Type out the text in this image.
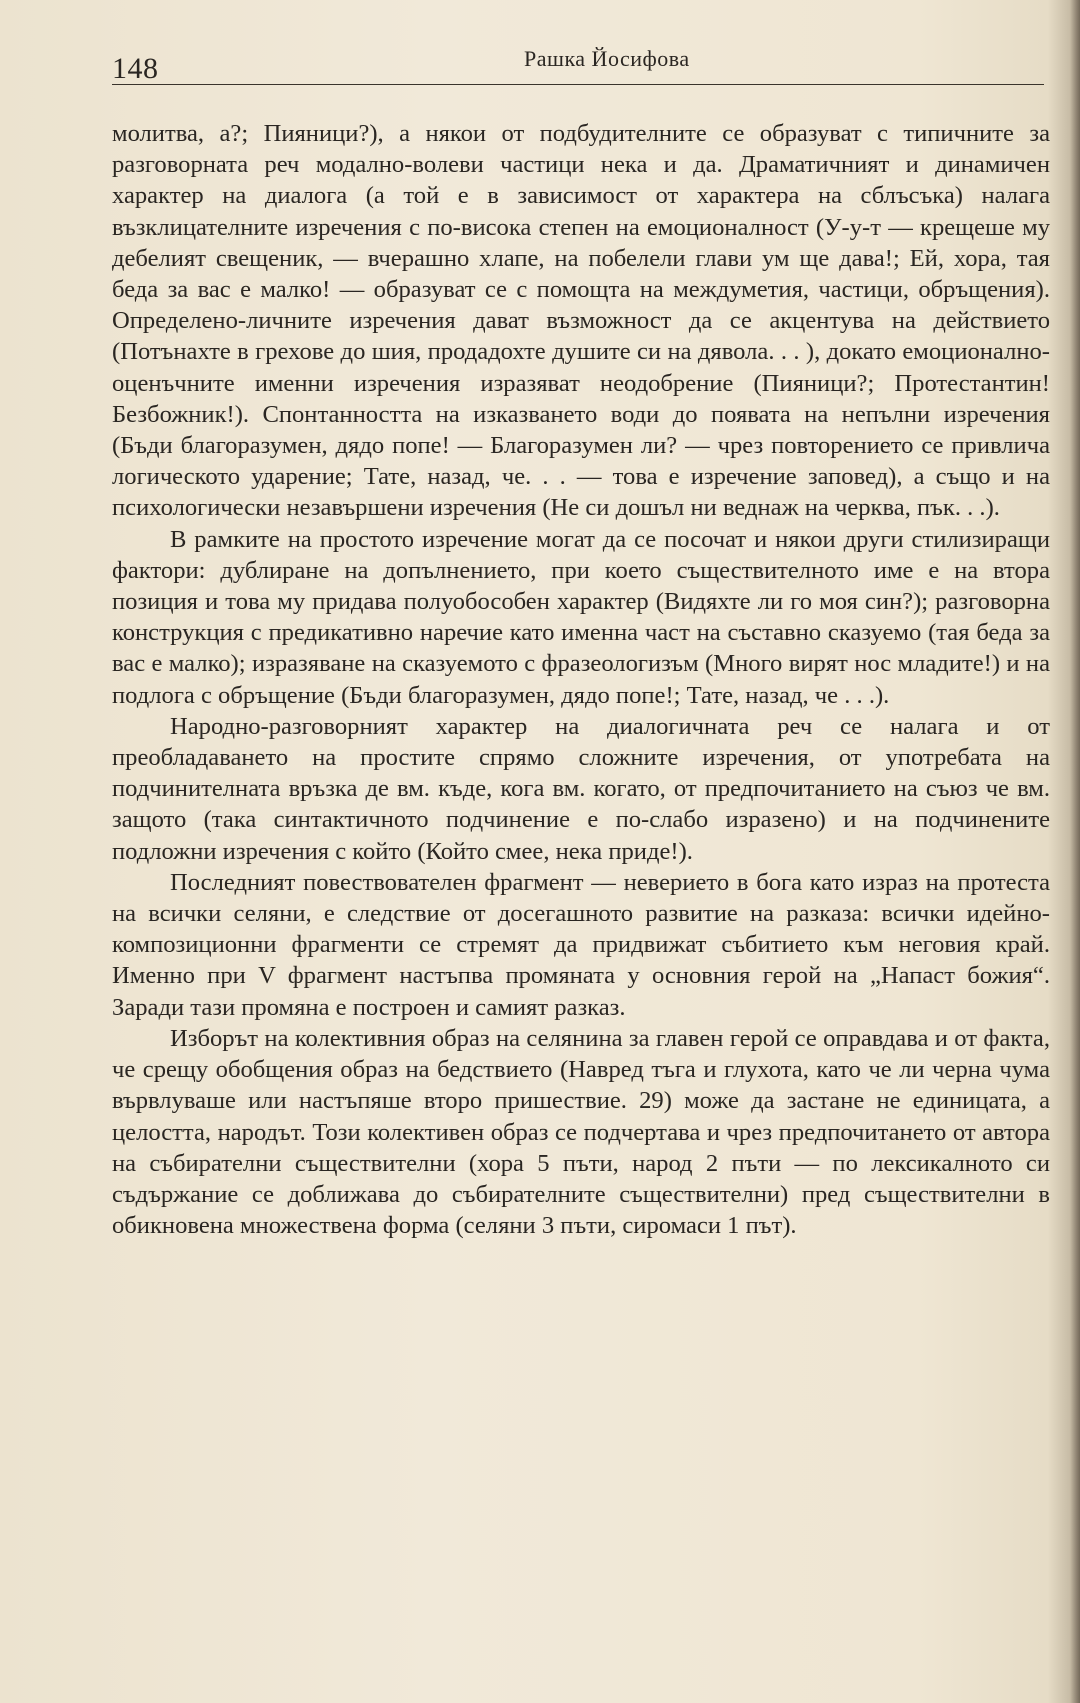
148	Рашка Йосифова

молитва, а?; Пияници?), а някои от подбудителните се образуват с типичните за разговорната реч модално-волеви частици нека и да. Драматичният и динамичен характер на диалога (а той е в зависимост от характера на сблъсъка) налага възклицателните изречения с по-висока степен на емоционалност (У-у-т — крещеше му дебелият свещеник, — вчерашно хлапе, на побелели глави ум ще дава!; Ей, хора, тая беда за вас е малко! — образуват се с помощта на междуметия, частици, обръщения). Определено-личните изречения дават възможност да се акцентува на действието (Потънахте в грехове до шия, продадохте душите си на дявола. . . ), докато емоционално-оценъчните именни изречения изразяват неодобрение (Пияници?; Протестантин! Безбожник!). Спонтанността на изказването води до появата на непълни изречения (Бъди благоразумен, дядо попе! — Благоразумен ли? — чрез повторението се привлича логическото ударение; Тате, назад, че. . . — това е изречение заповед), а също и на психологически незавършени изречения (Не си дошъл ни веднаж на черква, пък. . .).

В рамките на простото изречение могат да се посочат и някои други стилизиращи фактори: дублиране на допълнението, при което съществителното име е на втора позиция и това му придава полуобособен характер (Видяхте ли го моя син?); разговорна конструкция с предикативно наречие като именна част на съставно сказуемо (тая беда за вас е малко); изразяване на сказуемото с фразеологизъм (Много вирят нос младите!) и на подлога с обръщение (Бъди благоразумен, дядо попе!; Тате, назад, че . . .).

Народно-разговорният характер на диалогичната реч се налага и от преобладаването на простите спрямо сложните изречения, от употребата на подчинителната връзка де вм. къде, кога вм. когато, от предпочитанието на съюз че вм. защото (така синтактичното подчинение е по-слабо изразено) и на подчинените подложни изречения с който (Който смее, нека приде!).

Последният повествователен фрагмент — неверието в бога като израз на протеста на всички селяни, е следствие от досегашното развитие на разказа: всички идейно-композиционни фрагменти се стремят да придвижат събитието към неговия край. Именно при V фрагмент настъпва промяната у основния герой на „Напаст божия“. Заради тази промяна е построен и самият разказ.

Изборът на колективния образ на селянина за главен герой се оправдава и от факта, че срещу обобщения образ на бедствието (Навред тъга и глухота, като че ли черна чума вървлуваше или настъпяше второ пришествие. 29) може да застане не единицата, а целостта, народът. Този колективен образ се подчертава и чрез предпочитането от автора на събирателни съществителни (хора 5 пъти, народ 2 пъти — по лексикалното си съдържание се доближава до събирателните съществителни) пред съществителни в обикновена множествена форма (селяни 3 пъти, сиромаси 1 път).
